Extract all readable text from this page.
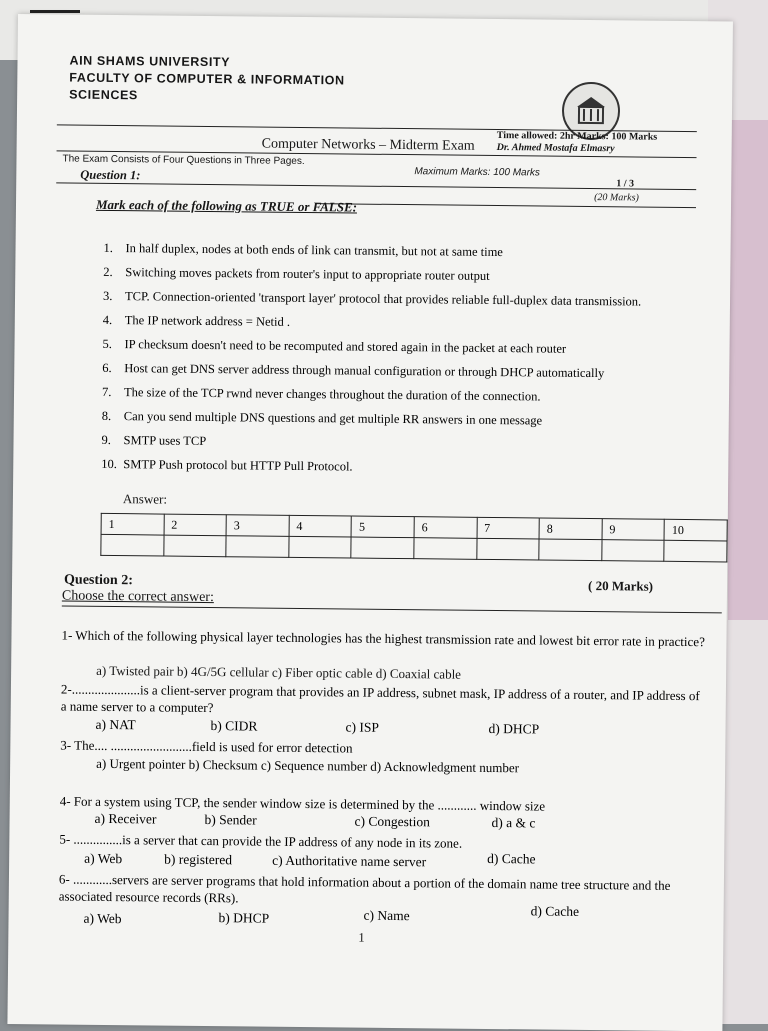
AIN SHAMS UNIVERSITY
FACULTY OF COMPUTER & INFORMATION
SCIENCES
Time allowed: 2hr Marks: 100 Marks
Dr. Ahmed Mostafa Elmasry
Computer Networks – Midterm Exam
The Exam Consists of Four Questions in Three Pages.
Maximum Marks: 100 Marks
Question 1:
1 / 3
(20 Marks)
Mark each of the following as TRUE or FALSE:
1. In half duplex, nodes at both ends of link can transmit, but not at same time
2. Switching moves packets from router's input to appropriate router output
3. TCP. Connection-oriented 'transport layer' protocol that provides reliable full-duplex data transmission.
4. The IP network address = Netid .
5. IP checksum doesn't need to be recomputed and stored again in the packet at each router
6. Host can get DNS server address through manual configuration or through DHCP automatically
7. The size of the TCP rwnd never changes throughout the duration of the connection.
8. Can you send multiple DNS questions and get multiple RR answers in one message
9. SMTP uses TCP
10. SMTP Push protocol but HTTP Pull Protocol.
Answer:
1	2	3	4	5	6	7	8	9	10

Question 2:	( 20 Marks)
Choose the correct answer:
1- Which of the following physical layer technologies has the highest transmission rate and lowest bit error rate in practice?
a) Twisted pair b) 4G/5G cellular c) Fiber optic cable d) Coaxial cable
2-.....................is a client-server program that provides an IP address, subnet mask, IP address of a router, and IP address of a name server to a computer?
a) NAT	b) CIDR	c) ISP	d) DHCP
3- The.... .........................field is used for error detection
a) Urgent pointer b) Checksum c) Sequence number d) Acknowledgment number
4- For a system using TCP, the sender window size is determined by the ............ window size
a) Receiver	b) Sender	c) Congestion	d) a & c
5- ...............is a server that can provide the IP address of any node in its zone.
a) Web	b) registered	c) Authoritative name server	d) Cache
6- ............servers are server programs that hold information about a portion of the domain name tree structure and the associated resource records (RRs).
a) Web	b) DHCP	c) Name	d) Cache
1
